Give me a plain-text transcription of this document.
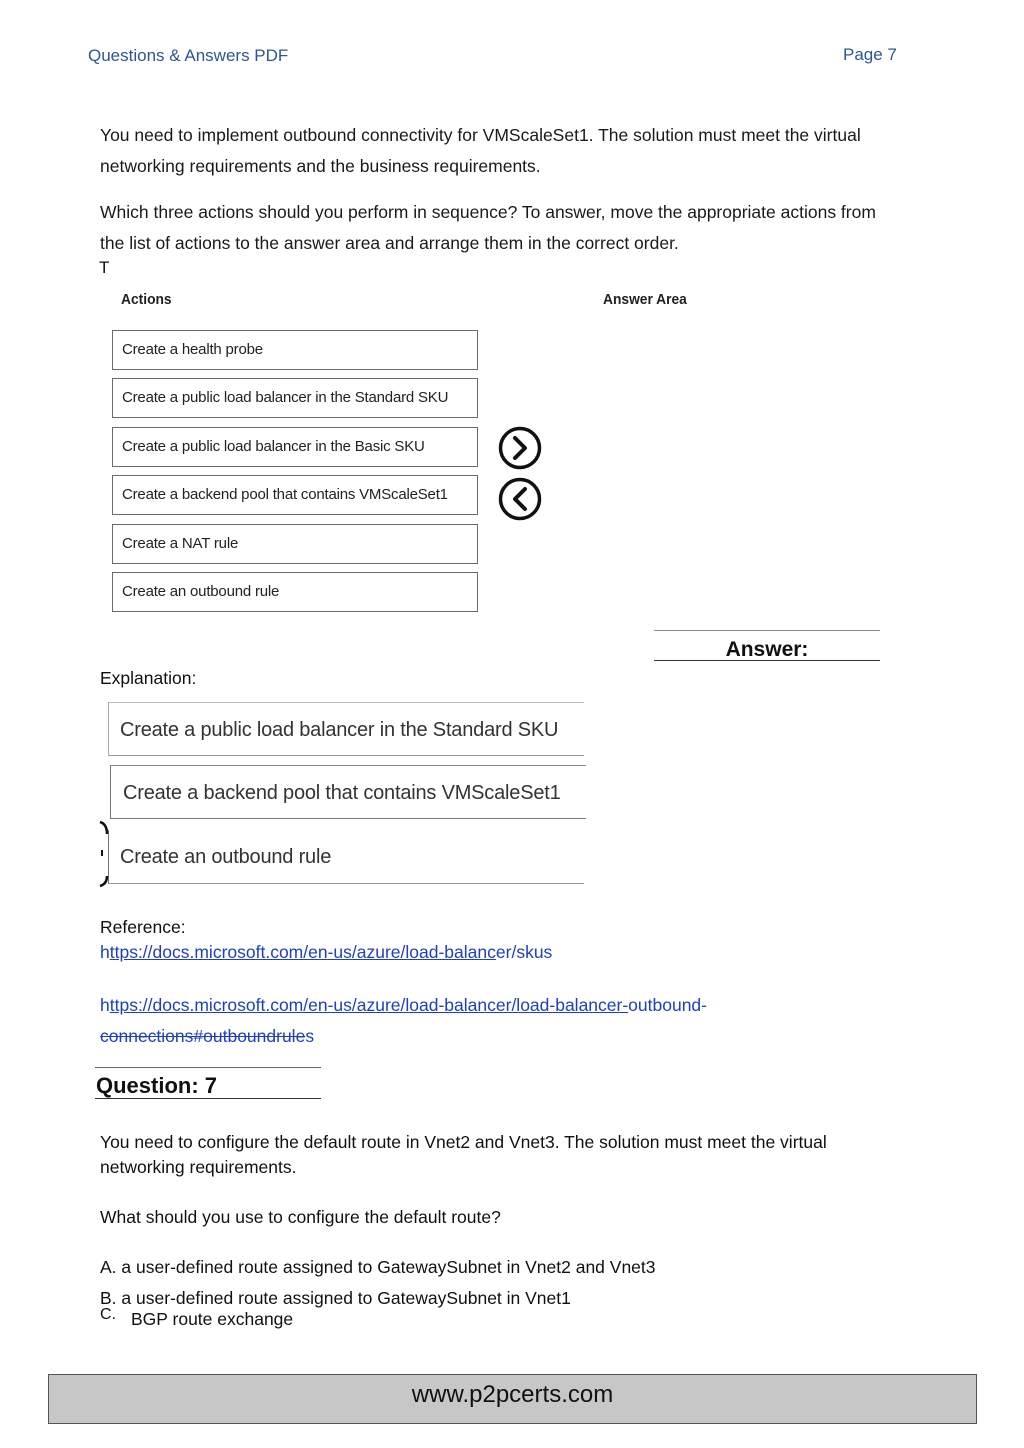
Questions & Answers PDF	Page 7
You need to implement outbound connectivity for VMScaleSet1. The solution must meet the virtual
networking requirements and the business requirements.
Which three actions should you perform in sequence? To answer, move the appropriate actions from
the list of actions to the answer area and arrange them in the correct order.
T
Actions	Answer Area
Create a health probe
Create a public load balancer in the Standard SKU
Create a public load balancer in the Basic SKU
Create a backend pool that contains VMScaleSet1
Create a NAT rule
Create an outbound rule
Answer:
Explanation:
Create a public load balancer in the Standard SKU
Create a backend pool that contains VMScaleSet1
Create an outbound rule
Reference:
https://docs.microsoft.com/en-us/azure/load-balancer/skus
https://docs.microsoft.com/en-us/azure/load-balancer/load-balancer-outbound-
connections#outboundrules
Question: 7
You need to configure the default route in Vnet2 and Vnet3. The solution must meet the virtual
networking requirements.
What should you use to configure the default route?
A. a user-defined route assigned to GatewaySubnet in Vnet2 and Vnet3
B. a user-defined route assigned to GatewaySubnet in Vnet1
C. BGP route exchange
www.p2pcerts.com
